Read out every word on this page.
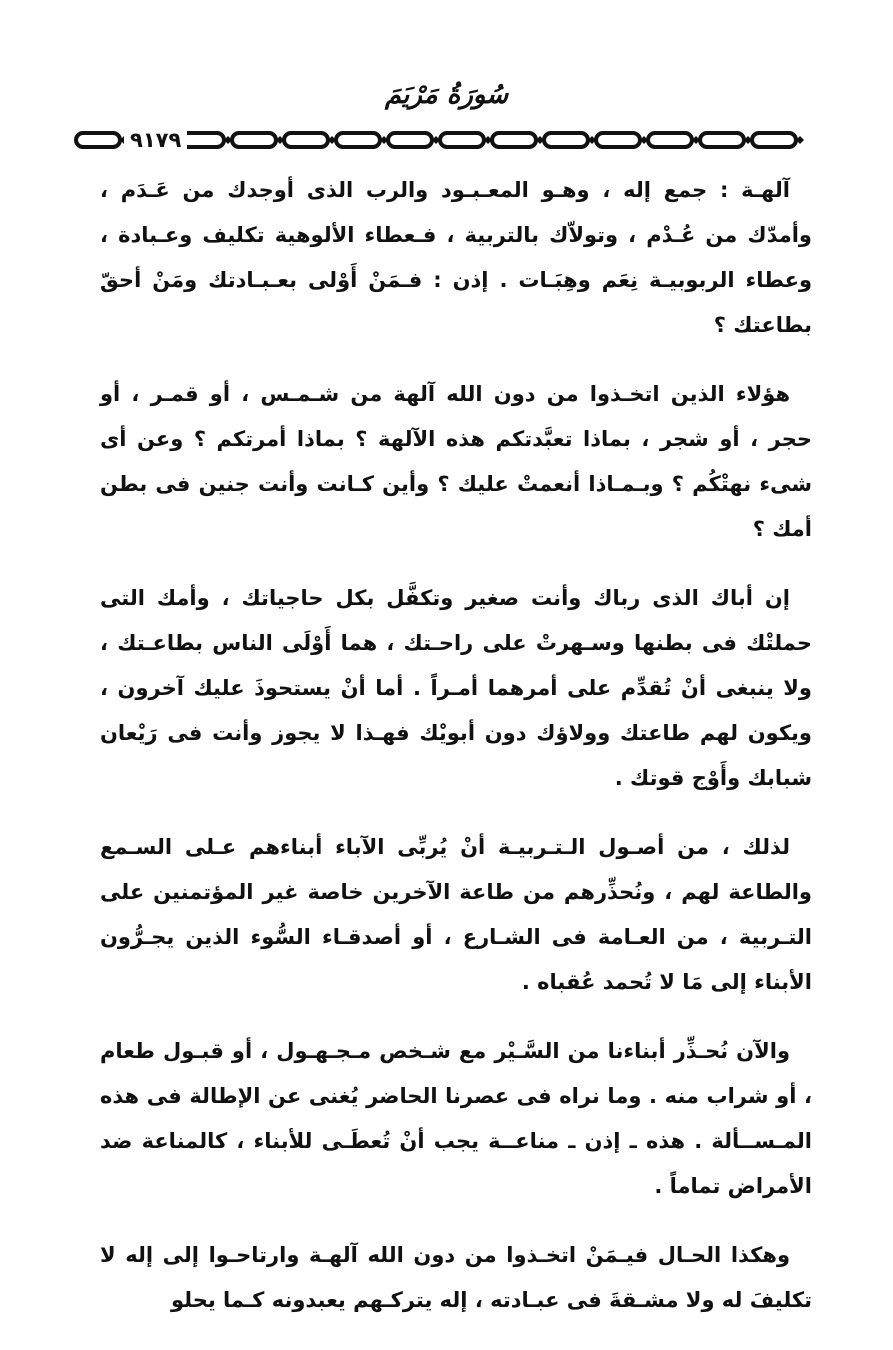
سُورَةُ مَرْيَمَ
٩١٧٩

آلهـة : جمع إله ، وهـو المعـبـود والرب الذى أوجدك من عَـدَم ، وأمدّك من عُـدْم ، وتولاّك بالتربية ، فـعطاء الألوهية تكليف وعـبادة ، وعطاء الربوبيـة نِعَم وهِبَـات . إذن : فـمَنْ أَوْلى بعـبـادتك ومَنْ أحقّ بطاعتك ؟

هؤلاء الذين اتخـذوا من دون الله آلهة من شـمـس ، أو قمـر ، أو حجر ، أو شجر ، بماذا تعبَّدتكم هذه الآلهة ؟ بماذا أمرتكم ؟ وعن أى شىء نهتْكُم ؟ وبـمـاذا أنعمتْ عليك ؟ وأين كـانت وأنت جنين فى بطن أمك ؟

إن أباك الذى رباك وأنت صغير وتكفَّل بكل حاجياتك ، وأمك التى حملتْك فى بطنها وسـهرتْ على راحـتك ، هما أَوْلَى الناس بطاعـتك ، ولا ينبغى أنْ تُقدِّم على أمرهما أمـراً . أما أنْ يستحوذَ عليك آخرون ، ويكون لهم طاعتك وولاؤك دون أبويْك فهـذا لا يجوز وأنت فى رَيْعان شبابك وأَوْج قوتك .

لذلك ، من أصـول الـتـربيـة أنْ يُربِّى الآباء أبناءهم عـلى السـمع والطاعة لهم ، ونُحذِّرهم من طاعة الآخرين خاصة غير المؤتمنين على التـربية ، من العـامة فى الشـارع ، أو أصدقـاء السُّوء الذين يجـرُّون الأبناء إلى مَا لا تُحمد عُقباه .

والآن نُحـذِّر أبناءنا من السَّـيْر مع شـخص مـجـهـول ، أو قبـول طعام ، أو شراب منه . وما نراه فى عصرنا الحاضر يُغنى عن الإطالة فى هذه المـســألة . هذه ـ إذن ـ مناعــة يجب أنْ تُعطَـى للأبناء ، كالمناعة ضد الأمراض تماماً .

وهكذا الحـال فيـمَنْ اتخـذوا من دون الله آلهـة وارتاحـوا إلى إله لا تكليفَ له ولا مشـقةَ فى عبـادته ، إله يتركـهم يعبدونه كـما يحلو
